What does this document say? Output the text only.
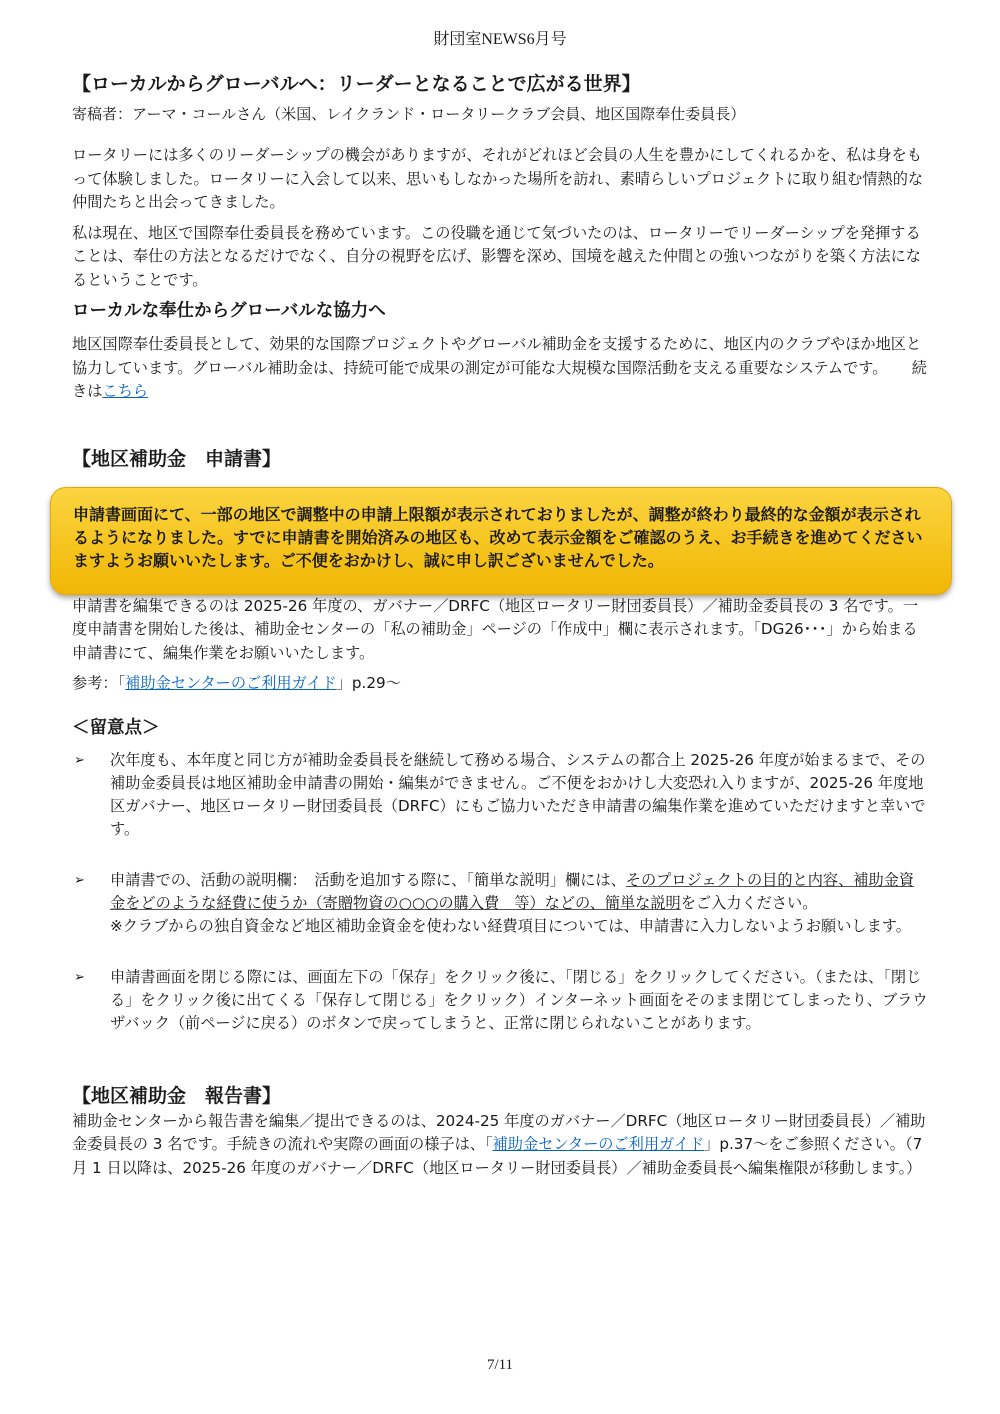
財団室NEWS6月号
【ローカルからグローバルへ：リーダーとなることで広がる世界】

寄稿者：アーマ・コールさん（米国、レイクランド・ロータリークラブ会員、地区国際奉仕委員長）

ロータリーには多くのリーダーシップの機会がありますが、それがどれほど会員の人生を豊かにしてくれるかを、私は身をもって体験しました。ロータリーに入会して以来、思いもしなかった場所を訪れ、素晴らしいプロジェクトに取り組む情熱的な仲間たちと出会ってきました。

私は現在、地区で国際奉仕委員長を務めています。この役職を通じて気づいたのは、ロータリーでリーダーシップを発揮することは、奉仕の方法となるだけでなく、自分の視野を広げ、影響を深め、国境を越えた仲間との強いつながりを築く方法になるということです。

ローカルな奉仕からグローバルな協力へ

地区国際奉仕委員長として、効果的な国際プロジェクトやグローバル補助金を支援するために、地区内のクラブやほか地区と協力しています。グローバル補助金は、持続可能で成果の測定が可能な大規模な国際活動を支える重要なシステムです。 続きはこちら

【地区補助金　申請書】
申請書画面にて、一部の地区で調整中の申請上限額が表示されておりましたが、調整が終わり最終的な金額が表示されるようになりました。すでに申請書を開始済みの地区も、改めて表示金額をご確認のうえ、お手続きを進めてくださいますようお願いいたします。ご不便をおかけし、誠に申し訳ございませんでした。

申請書を編集できるのは 2025-26 年度の、ガバナー／DRFC（地区ロータリー財団委員長）／補助金委員長の 3 名です。一度申請書を開始した後は、補助金センターの「私の補助金」ページの「作成中」欄に表示されます。「DG26･･･」から始まる申請書にて、編集作業をお願いいたします。

参考：「補助金センターのご利用ガイド」p.29～

＜留意点＞
➢
次年度も、本年度と同じ方が補助金委員長を継続して務める場合、システムの都合上 2025-26 年度が始まるまで、その補助金委員長は地区補助金申請書の開始・編集ができません。ご不便をおかけし大変恐れ入りますが、2025-26 年度地区ガバナー、地区ロータリー財団委員長（DRFC）にもご協力いただき申請書の編集作業を進めていただけますと幸いです。
➢
申請書での、活動の説明欄：　活動を追加する際に、「簡単な説明」欄には、そのプロジェクトの目的と内容、補助金資金をどのような経費に使うか（寄贈物資の○○○の購入費　等）などの、簡単な説明をご入力ください。
※クラブからの独自資金など地区補助金資金を使わない経費項目については、申請書に入力しないようお願いします。
➢
申請書画面を閉じる際には、画面左下の「保存」をクリック後に、「閉じる」をクリックしてください。（または、「閉じる」をクリック後に出てくる「保存して閉じる」をクリック）インターネット画面をそのまま閉じてしまったり、ブラウザバック（前ページに戻る）のボタンで戻ってしまうと、正常に閉じられないことがあります。
【地区補助金　報告書】

補助金センターから報告書を編集／提出できるのは、2024-25 年度のガバナー／DRFC（地区ロータリー財団委員長）／補助金委員長の 3 名です。手続きの流れや実際の画面の様子は、「補助金センターのご利用ガイド」p.37～をご参照ください。（7 月 1 日以降は、2025-26 年度のガバナー／DRFC（地区ロータリー財団委員長）／補助金委員長へ編集権限が移動します。）

7/11
